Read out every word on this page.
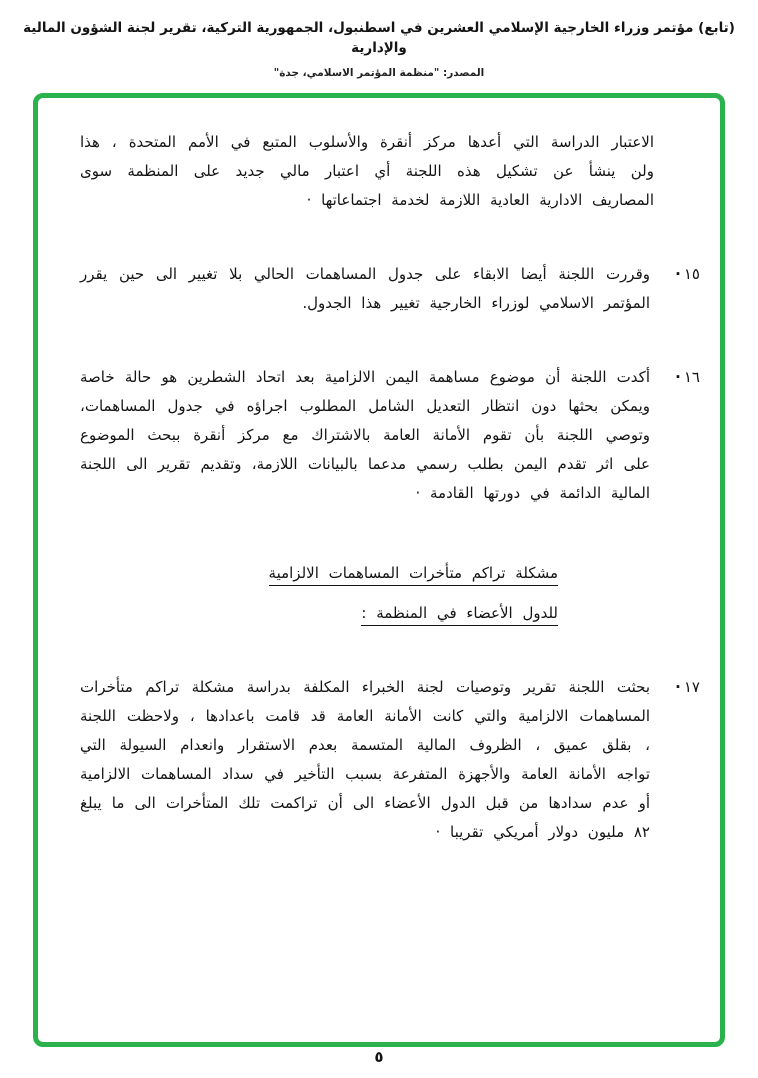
(تابع) مؤتمر وزراء الخارجية الإسلامي العشرين في اسطنبول، الجمهورية التركية، تقرير لجنة الشؤون المالية والإدارية
المصدر: "منظمة المؤتمر الاسلامي، جدة"

الاعتبار الدراسة التي أعدها مركز أنقرة والأسلوب المتبع في الأمم المتحدة ، هذا ولن ينشأ عن تشكيل هذه اللجنة أي اعتبار مالي جديد على المنظمة سوى المصاريف الادارية العادية اللازمة لخدمة اجتماعاتها ·

١٥·

وقررت اللجنة أيضا الابقاء على جدول المساهمات الحالي بلا تغيير الى حين يقرر المؤتمر الاسلامي لوزراء الخارجية تغيير هذا الجدول.

١٦·

أكدت اللجنة أن موضوع مساهمة اليمن الالزامية بعد اتحاد الشطرين هو حالة خاصة ويمكن بحثها دون انتظار التعديل الشامل المطلوب اجراؤه في جدول المساهمات، وتوصي اللجنة بأن تقوم الأمانة العامة بالاشتراك مع مركز أنقرة ببحث الموضوع على اثر تقدم اليمن بطلب رسمي مدعما بالبيانات اللازمة، وتقديم تقرير الى اللجنة المالية الدائمة في دورتها القادمة ·

مشكلة تراكم متأخرات المساهمات الالزامية
للدول الأعضاء في المنظمة :
١٧·

بحثت اللجنة تقرير وتوصيات لجنة الخبراء المكلفة بدراسة مشكلة تراكم متأخرات المساهمات الالزامية والتي كانت الأمانة العامة قد قامت باعدادها ، ولاحظت اللجنة ، بقلق عميق ، الظروف المالية المتسمة بعدم الاستقرار وانعدام السيولة التي تواجه الأمانة العامة والأجهزة المتفرعة بسبب التأخير في سداد المساهمات الالزامية أو عدم سدادها من قبل الدول الأعضاء الى أن تراكمت تلك المتأخرات الى ما يبلغ ٨٢ مليون دولار أمريكي تقريبا ·

٥
